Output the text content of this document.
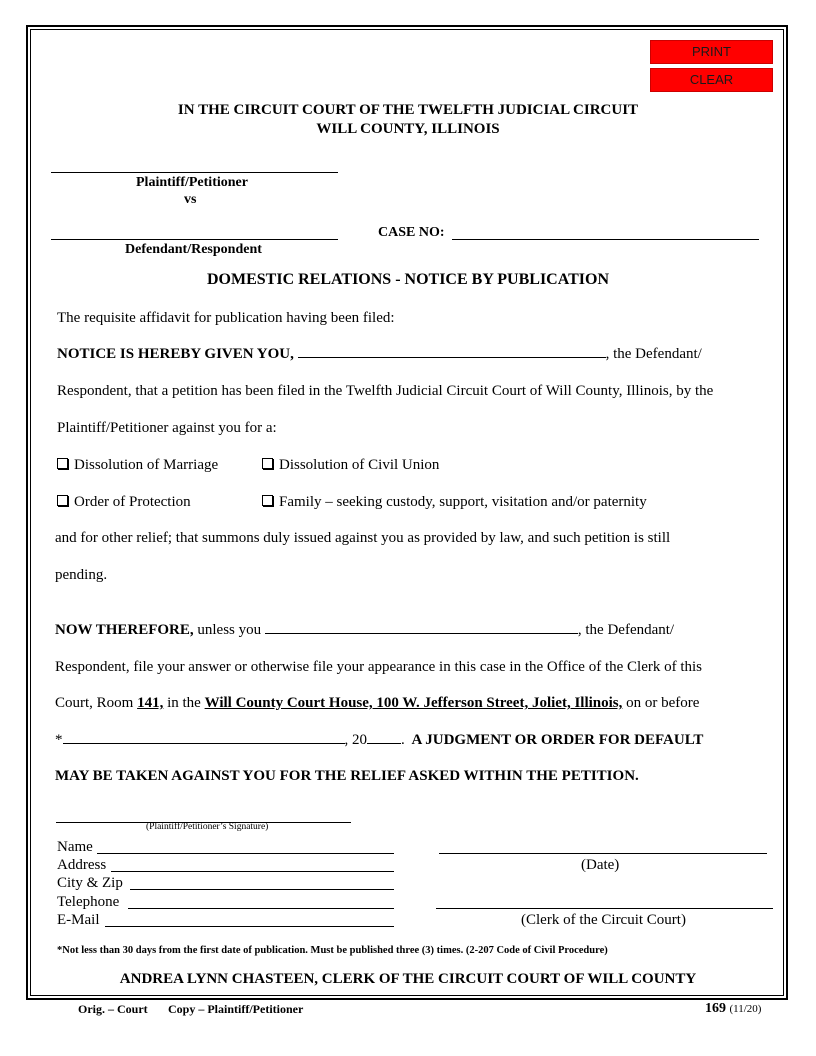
PRINT
CLEAR
IN THE CIRCUIT COURT OF THE TWELFTH JUDICIAL CIRCUIT
WILL COUNTY, ILLINOIS
Plaintiff/Petitioner
vs
Defendant/Respondent
CASE NO:
DOMESTIC RELATIONS - NOTICE BY PUBLICATION
The requisite affidavit for publication having been filed:
NOTICE IS HEREBY GIVEN YOU,	, the Defendant/
Respondent, that a petition has been filed in the Twelfth Judicial Circuit Court of Will County, Illinois, by the
Plaintiff/Petitioner against you for a:
Dissolution of Marriage	Dissolution of Civil Union
Order of Protection	Family – seeking custody, support, visitation and/or paternity
and for other relief; that summons duly issued against you as provided by law, and such petition is still
pending.
NOW THEREFORE, unless you	, the Defendant/
Respondent, file your answer or otherwise file your appearance in this case in the Office of the Clerk of this
Court, Room 141, in the Will County Court House, 100 W. Jefferson Street, Joliet, Illinois, on or before
*	, 20 . A JUDGMENT OR ORDER FOR DEFAULT
MAY BE TAKEN AGAINST YOU FOR THE RELIEF ASKED WITHIN THE PETITION.
(Plaintiff/Petitioner’s Signature)
Name
Address
City & Zip
Telephone
E-Mail
(Date)
(Clerk of the Circuit Court)
*Not less than 30 days from the first date of publication. Must be published three (3) times. (2-207 Code of Civil Procedure)
ANDREA LYNN CHASTEEN, CLERK OF THE CIRCUIT COURT OF WILL COUNTY
Orig. – Court Copy – Plaintiff/Petitioner	169 (11/20)
